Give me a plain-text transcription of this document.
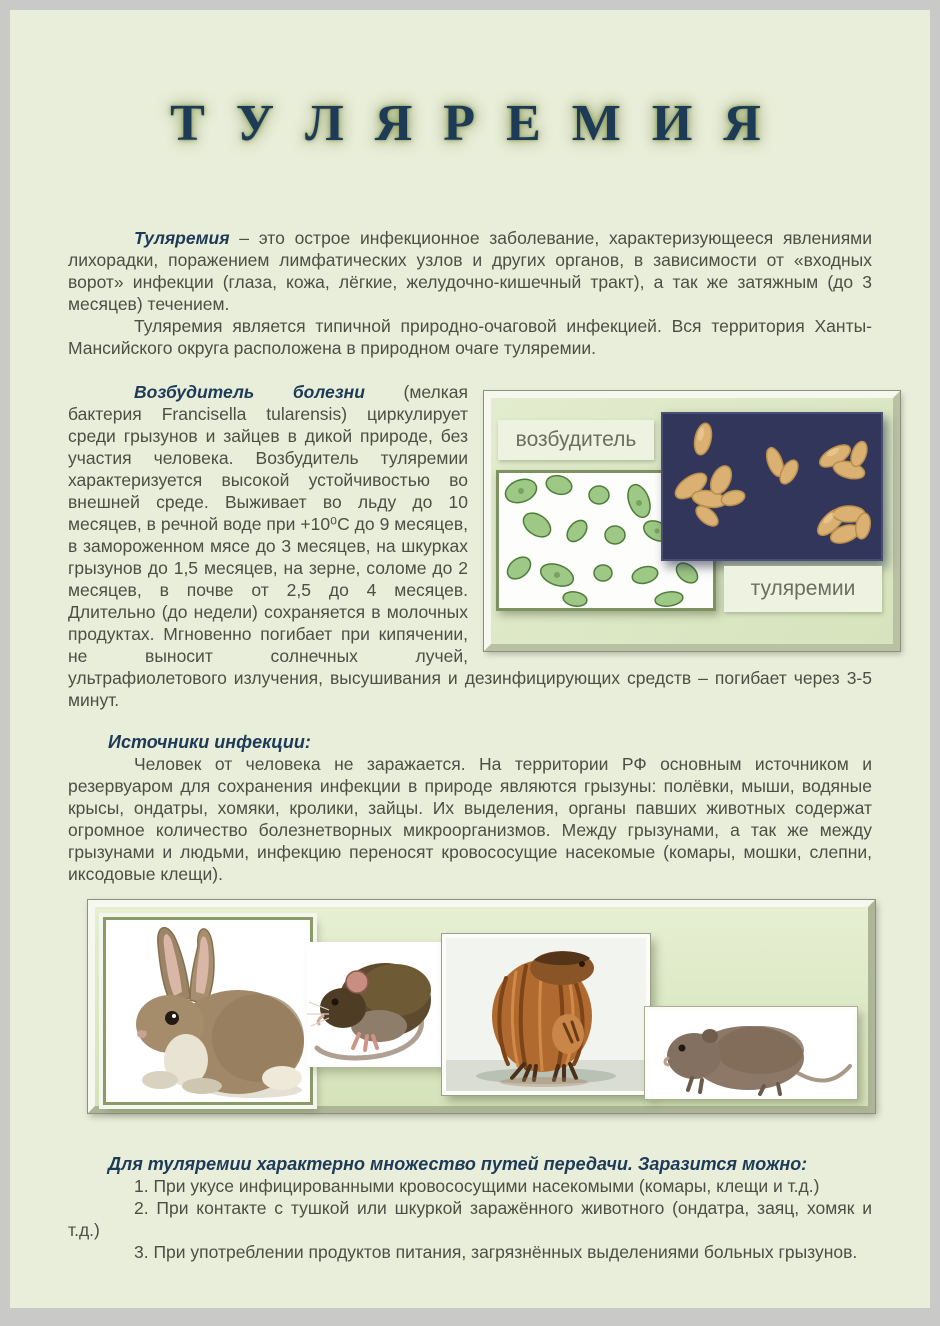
Т У Л Я Р Е М И Я

Туляремия – это острое инфекционное заболевание, характеризующееся явлениями лихорадки, поражением лимфатических узлов и других органов, в зависимости от «входных ворот» инфекции (глаза, кожа, лёгкие, желудочно-кишечный тракт), а так же затяжным (до 3 месяцев) течением.

Туляремия является типичной природно-очаговой инфекцией. Вся территория Ханты-Мансийского округа расположена в природном очаге туляремии.

возбудитель
туляремии

Возбудитель болезни (мелкая бактерия Francisella tularensis) циркулирует среди грызунов и зайцев в дикой природе, без участия человека. Возбудитель туляремии характеризуется высокой устойчивостью во внешней среде. Выживает во льду до 10 месяцев, в речной воде при +10⁰С до 9 месяцев, в замороженном мясе до 3 месяцев, на шкурках грызунов до 1,5 месяцев, на зерне, соломе до 2 месяцев, в почве от 2,5 до 4 месяцев. Длительно (до недели) сохраняется в молочных продуктах. Мгновенно погибает при кипячении, не выносит солнечных лучей, ультрафиолетового излучения, высушивания и дезинфицирующих средств – погибает через 3-5 минут.

Источники инфекции:

Человек от человека не заражается. На территории РФ основным источником и резервуаром для сохранения инфекции в природе являются грызуны: полёвки, мыши, водяные крысы, ондатры, хомяки, кролики, зайцы. Их выделения, органы павших животных содержат огромное количество болезнетворных микроорганизмов. Между грызунами, а так же между грызунами и людьми, инфекцию переносят кровососущие насекомые (комары, мошки, слепни, иксодовые клещи).

Для туляремии характерно множество путей передачи. Заразится можно:

1. При укусе инфицированными кровососущими насекомыми (комары, клещи и т.д.)

2. При контакте с тушкой или шкуркой заражённого животного (ондатра, заяц, хомяк и т.д.)

3. При употреблении продуктов питания, загрязнённых выделениями больных грызунов.
